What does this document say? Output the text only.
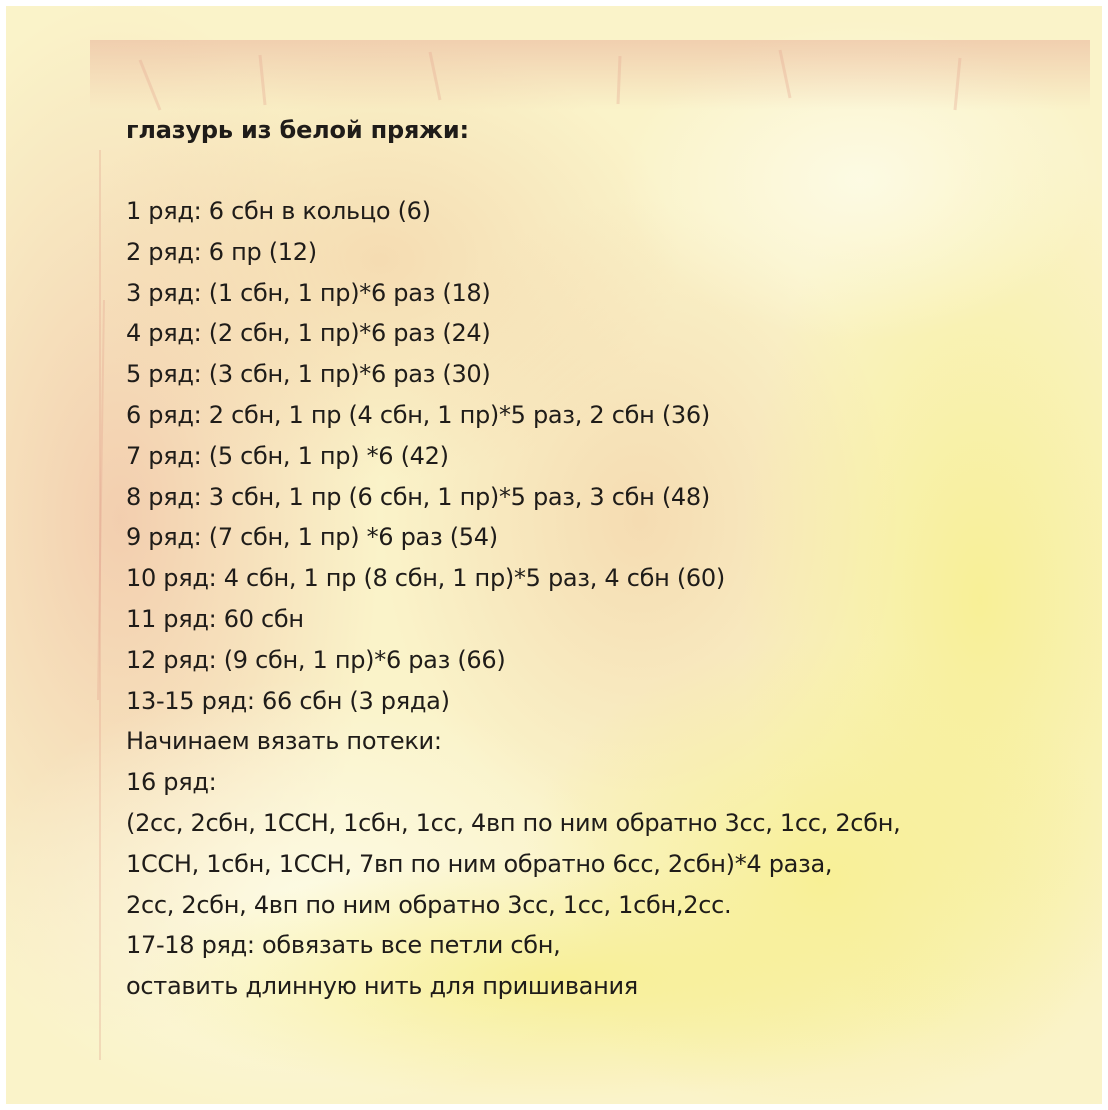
глазурь из белой пряжи:
1 ряд: 6 сбн в кольцо (6)
2 ряд: 6 пр (12)
3 ряд: (1 сбн, 1 пр)*6 раз (18)
4 ряд: (2 сбн, 1 пр)*6 раз (24)
5 ряд: (3 сбн, 1 пр)*6 раз (30)
6 ряд: 2 сбн, 1 пр (4 сбн, 1 пр)*5 раз, 2 сбн (36)
7 ряд: (5 сбн, 1 пр) *6 (42)
8 ряд: 3 сбн, 1 пр (6 сбн, 1 пр)*5 раз, 3 сбн (48)
9 ряд: (7 сбн, 1 пр) *6 раз (54)
10 ряд: 4 сбн, 1 пр (8 сбн, 1 пр)*5 раз, 4 сбн (60)
11 ряд: 60 сбн
12 ряд: (9 сбн, 1 пр)*6 раз (66)
13-15 ряд: 66 сбн (3 ряда)
Начинаем вязать потеки:
16 ряд:
(2сс, 2сбн, 1ССН, 1сбн, 1сс, 4вп по ним обратно 3сс, 1сс, 2сбн,
1ССН, 1сбн, 1ССН, 7вп по ним обратно 6сс, 2сбн)*4 раза,
2сс, 2сбн, 4вп по ним обратно 3сс, 1сс, 1сбн,2сс.
17-18 ряд: обвязать все петли сбн,
оставить длинную нить для пришивания
